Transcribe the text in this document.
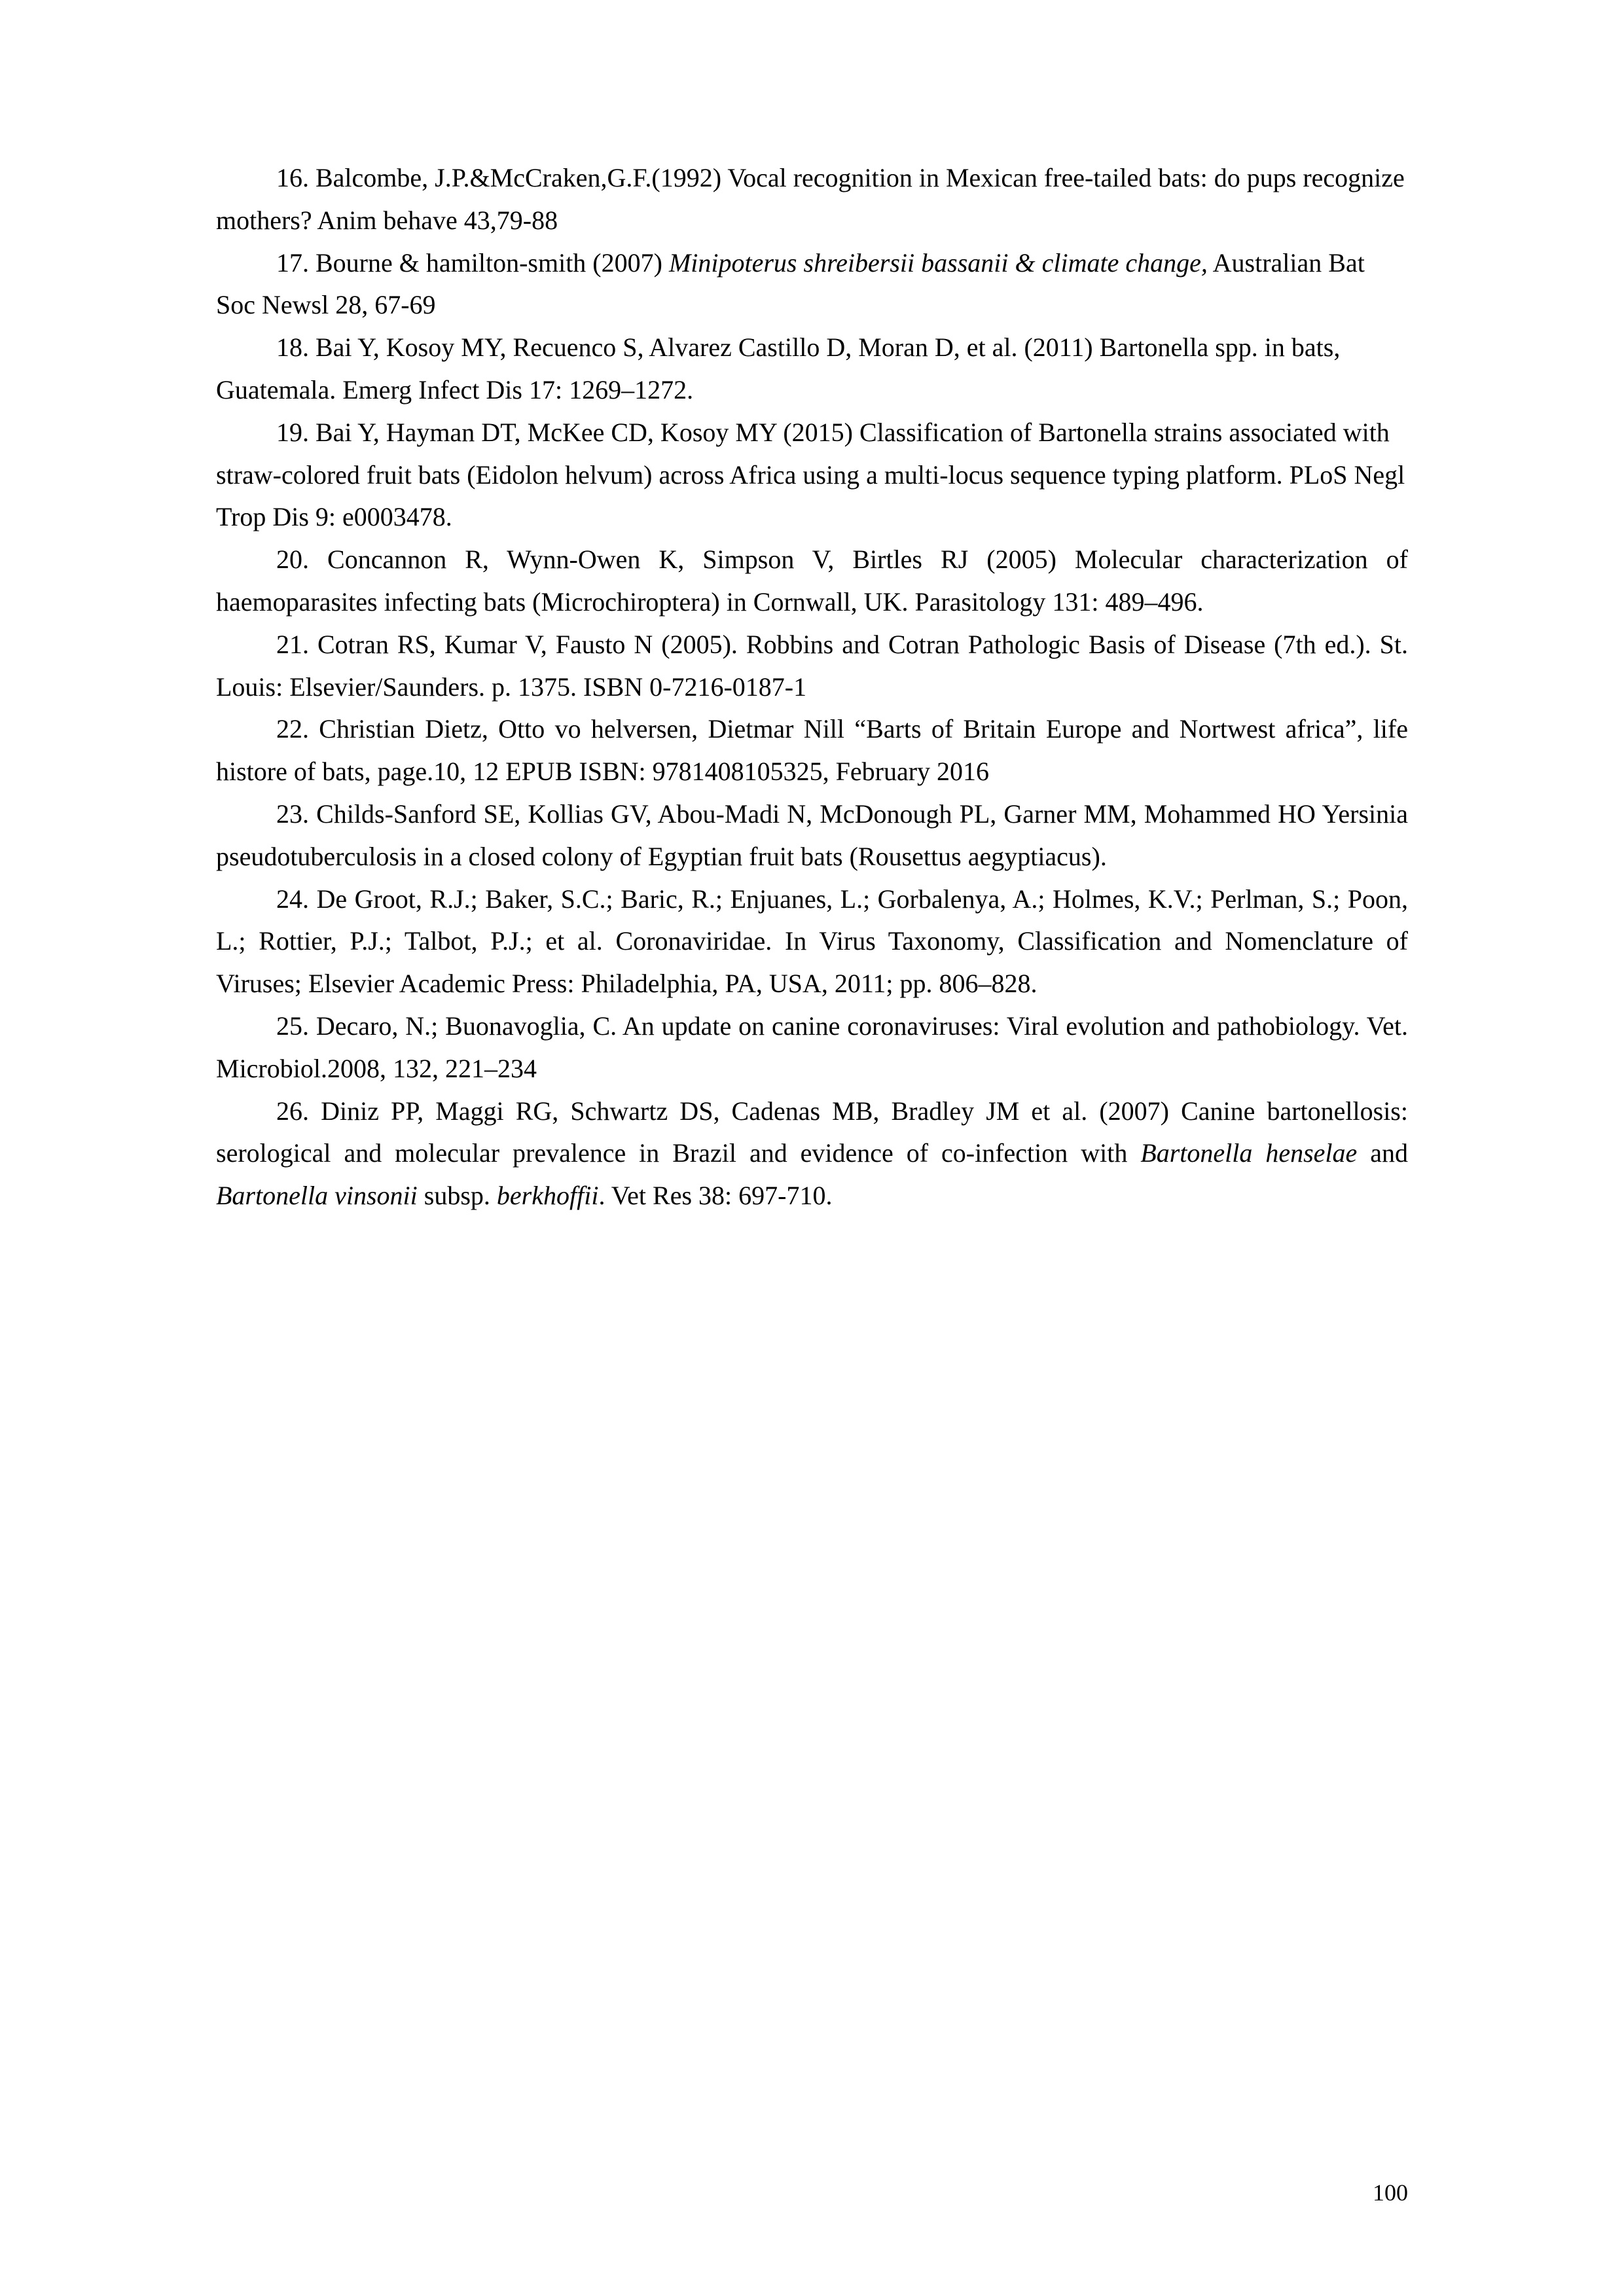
16. Balcombe, J.P.&McCraken,G.F.(1992) Vocal recognition in Mexican free-tailed bats: do pups recognize mothers? Anim behave 43,79-88

17. Bourne & hamilton-smith (2007) Minipoterus shreibersii bassanii & climate change, Australian Bat Soc Newsl 28, 67-69

18. Bai Y, Kosoy MY, Recuenco S, Alvarez Castillo D, Moran D, et al. (2011) Bartonella spp. in bats, Guatemala. Emerg Infect Dis 17: 1269–1272.

19. Bai Y, Hayman DT, McKee CD, Kosoy MY (2015) Classification of Bartonella strains associated with straw-colored fruit bats (Eidolon helvum) across Africa using a multi-locus sequence typing platform. PLoS Negl Trop Dis 9: e0003478.

20. Concannon R, Wynn-Owen K, Simpson V, Birtles RJ (2005) Molecular characterization of haemoparasites infecting bats (Microchiroptera) in Cornwall, UK. Parasitology 131: 489–496.

21. Cotran RS, Kumar V, Fausto N (2005). Robbins and Cotran Pathologic Basis of Disease (7th ed.). St. Louis: Elsevier/Saunders. p. 1375. ISBN 0-7216-0187-1

22. Christian Dietz, Otto vo helversen, Dietmar Nill “Barts of Britain Europe and Nortwest africa”, life histore of bats, page.10, 12 EPUB ISBN: 9781408105325, February 2016

23. Childs-Sanford SE, Kollias GV, Abou-Madi N, McDonough PL, Garner MM, Mohammed HO Yersinia pseudotuberculosis in a closed colony of Egyptian fruit bats (Rousettus aegyptiacus).

24. De Groot, R.J.; Baker, S.C.; Baric, R.; Enjuanes, L.; Gorbalenya, A.; Holmes, K.V.; Perlman, S.; Poon, L.; Rottier, P.J.; Talbot, P.J.; et al. Coronaviridae. In Virus Taxonomy, Classification and Nomenclature of Viruses; Elsevier Academic Press: Philadelphia, PA, USA, 2011; pp. 806–828.

25. Decaro, N.; Buonavoglia, C. An update on canine coronaviruses: Viral evolution and pathobiology. Vet. Microbiol.2008, 132, 221–234

26. Diniz PP, Maggi RG, Schwartz DS, Cadenas MB, Bradley JM et al. (2007) Canine bartonellosis: serological and molecular prevalence in Brazil and evidence of co-infection with Bartonella henselae and Bartonella vinsonii subsp. berkhoffii. Vet Res 38: 697-710.

100
